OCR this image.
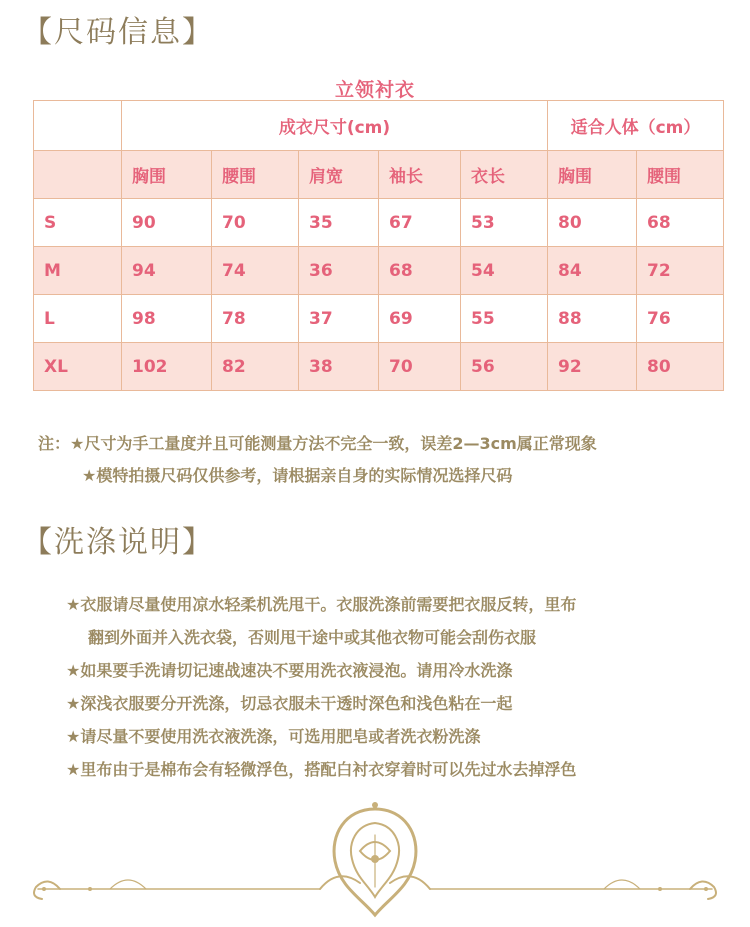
【尺码信息】
立领衬衣
	成衣尺寸(cm)					适合人体（cm）	
	胸围	腰围	肩宽	袖长	衣长	胸围	腰围
S	90	70	35	67	53	80	68
M	94	74	36	68	54	84	72
L	98	78	37	69	55	88	76
XL	102	82	38	70	56	92	80
注：★尺寸为手工量度并且可能测量方法不完全一致，误差2—3cm属正常现象
★模特拍摄尺码仅供参考，请根据亲自身的实际情况选择尺码
【洗涤说明】
★衣服请尽量使用凉水轻柔机洗甩干。衣服洗涤前需要把衣服反转，里布
翻到外面并入洗衣袋，否则甩干途中或其他衣物可能会刮伤衣服
★如果要手洗请切记速战速决不要用洗衣液浸泡。请用冷水洗涤
★深浅衣服要分开洗涤，切忌衣服未干透时深色和浅色粘在一起
★请尽量不要使用洗衣液洗涤，可选用肥皂或者洗衣粉洗涤
★里布由于是棉布会有轻微浮色，搭配白衬衣穿着时可以先过水去掉浮色
